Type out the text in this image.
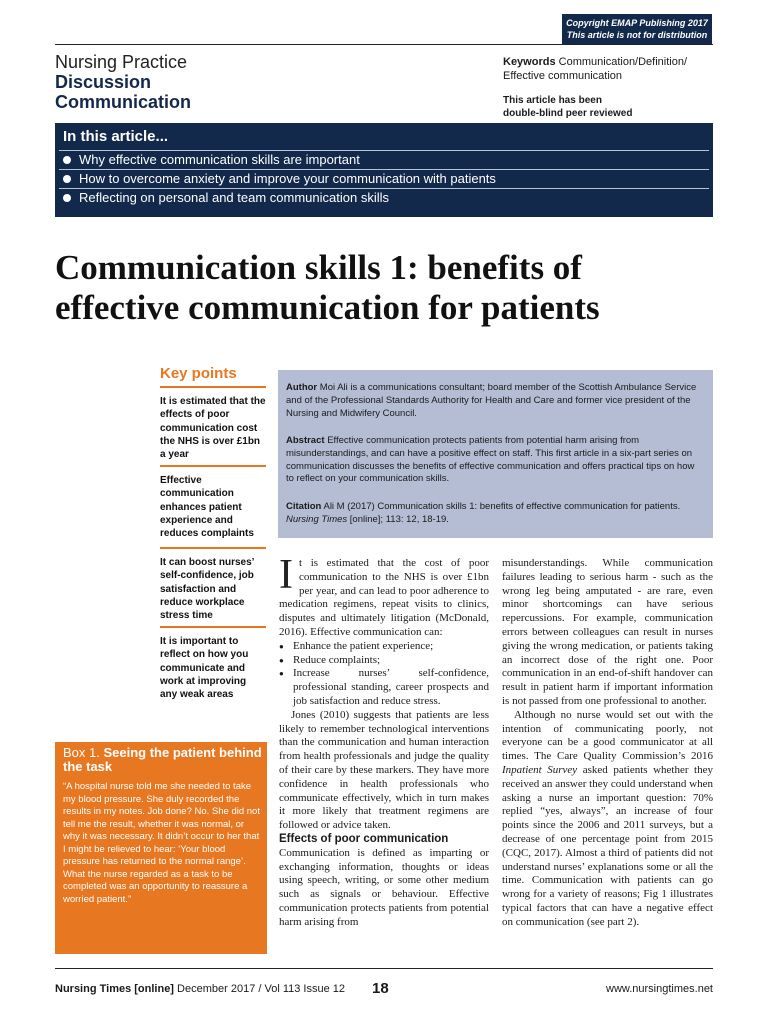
Copyright EMAP Publishing 2017
This article is not for distribution
Nursing Practice
Discussion
Communication
Keywords Communication/Definition/ Effective communication
This article has been
double-blind peer reviewed
In this article...
Why effective communication skills are important
How to overcome anxiety and improve your communication with patients
Reflecting on personal and team communication skills
Communication skills 1: benefits of
effective communication for patients
Key points
It is estimated that the effects of poor communication cost the NHS is over £1bn a year
Effective communication enhances patient experience and reduces complaints
It can boost nurses’ self-confidence, job satisfaction and reduce workplace stress time
It is important to reflect on how you communicate and work at improving any weak areas
Author Moi Ali is a communications consultant; board member of the Scottish Ambulance Service and of the Professional Standards Authority for Health and Care and former vice president of the Nursing and Midwifery Council.
Abstract Effective communication protects patients from potential harm arising from misunderstandings, and can have a positive effect on staff. This first article in a six-part series on communication discusses the benefits of effective communication and offers practical tips on how to reflect on your communication skills.
Citation Ali M (2017) Communication skills 1: benefits of effective communication for patients. Nursing Times [online]; 113: 12, 18-19.
Box 1. Seeing the patient behind the task
“A hospital nurse told me she needed to take my blood pressure. She duly recorded the results in my notes. Job done? No. She did not tell me the result, whether it was normal, or why it was necessary. It didn’t occur to her that I might be relieved to hear: ‘Your blood pressure has returned to the normal range’. What the nurse regarded as a task to be completed was an opportunity to reassure a worried patient.”

It is estimated that the cost of poor communication to the NHS is over £1bn per year, and can lead to poor adherence to medication regimens, repeat visits to clinics, disputes and ultimately litigation (McDonald, 2016). Effective communication can:

● Enhance the patient experience;

● Reduce complaints;

● Increase nurses’ self-confidence, professional standing, career prospects and job satisfaction and reduce stress.

Jones (2010) suggests that patients are less likely to remember technological interventions than the communication and human interaction from health professionals and judge the quality of their care by these markers. They have more confidence in health professionals who communicate effectively, which in turn makes it more likely that treatment regimens are followed or advice taken.

Effects of poor communication

Communication is defined as imparting or exchanging information, thoughts or ideas using speech, writing, or some other medium such as signals or behaviour. Effective communication protects patients from potential harm arising from

misunderstandings. While communication failures leading to serious harm - such as the wrong leg being amputated - are rare, even minor shortcomings can have serious repercussions. For example, communication errors between colleagues can result in nurses giving the wrong medication, or patients taking an incorrect dose of the right one. Poor communication in an end-of-shift handover can result in patient harm if important information is not passed from one professional to another.

Although no nurse would set out with the intention of communicating poorly, not everyone can be a good communicator at all times. The Care Quality Commission’s 2016 Inpatient Survey asked patients whether they received an answer they could understand when asking a nurse an important question: 70% replied “yes, always”, an increase of four points since the 2006 and 2011 surveys, but a decrease of one percentage point from 2015 (CQC, 2017). Almost a third of patients did not understand nurses’ explanations some or all the time. Communication with patients can go wrong for a variety of reasons; Fig 1 illustrates typical factors that can have a negative effect on communication (see part 2).

Nursing Times [online] December 2017 / Vol 113 Issue 12 18	www.nursingtimes.net
